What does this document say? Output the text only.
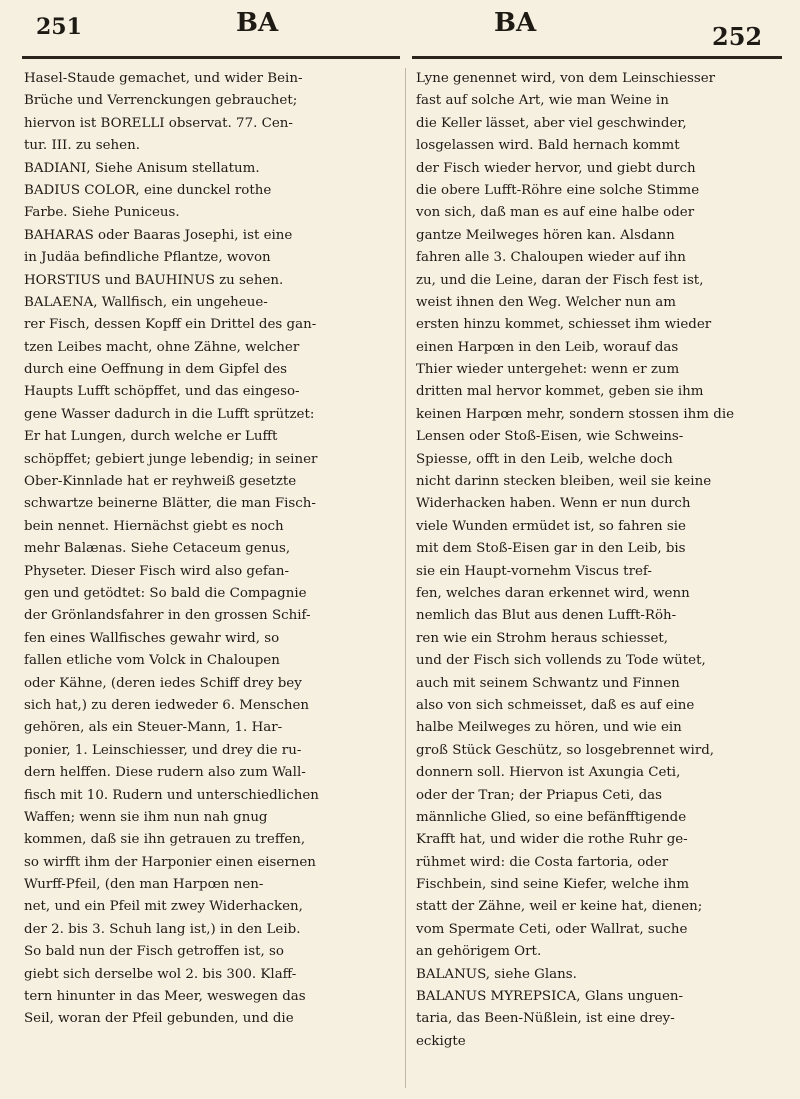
251	BA	BA	252
Hasel-Staude gemachet, und wider Bein-
Brüche und Verrenckungen gebrauchet;
hiervon ist BORELLI observat. 77. Cen-
tur. III. zu sehen.
BADIANI, Siehe Anisum stellatum.
BADIUS COLOR, eine dunckel rothe
Farbe. Siehe Puniceus.
BAHARAS oder Baaras Josephi, ist eine
in Judäa befindliche Pflantze, wovon
HORSTIUS und BAUHINUS zu sehen.
BALAENA, Wallfisch, ein ungeheue-
rer Fisch, dessen Kopff ein Drittel des gan-
tzen Leibes macht, ohne Zähne, welcher
durch eine Oeffnung in dem Gipfel des
Haupts Lufft schöpffet, und das eingeso-
gene Wasser dadurch in die Lufft sprützet:
Er hat Lungen, durch welche er Lufft
schöpffet; gebiert junge lebendig; in seiner
Ober-Kinnlade hat er reyhweiß gesetzte
schwartze beinerne Blätter, die man Fisch-
bein nennet. Hiernächst giebt es noch
mehr Balænas. Siehe Cetaceum genus,
Physeter. Dieser Fisch wird also gefan-
gen und getödtet: So bald die Compagnie
der Grönlandsfahrer in den grossen Schif-
fen eines Wallfisches gewahr wird, so
fallen etliche vom Volck in Chaloupen
oder Kähne, (deren iedes Schiff drey bey
sich hat,) zu deren iedweder 6. Menschen
gehören, als ein Steuer-Mann, 1. Har-
ponier, 1. Leinschiesser, und drey die ru-
dern helffen. Diese rudern also zum Wall-
fisch mit 10. Rudern und unterschiedlichen
Waffen; wenn sie ihm nun nah gnug
kommen, daß sie ihn getrauen zu treffen,
so wirfft ihm der Harponier einen eisernen
Wurff-Pfeil, (den man Harpœn nen-
net, und ein Pfeil mit zwey Widerhacken,
der 2. bis 3. Schuh lang ist,) in den Leib.
So bald nun der Fisch getroffen ist, so
giebt sich derselbe wol 2. bis 300. Klaff-
tern hinunter in das Meer, weswegen das
Seil, woran der Pfeil gebunden, und die
Lyne genennet wird, von dem Leinschiesser
fast auf solche Art, wie man Weine in
die Keller lässet, aber viel geschwinder,
losgelassen wird. Bald hernach kommt
der Fisch wieder hervor, und giebt durch
die obere Lufft-Röhre eine solche Stimme
von sich, daß man es auf eine halbe oder
gantze Meilweges hören kan. Alsdann
fahren alle 3. Chaloupen wieder auf ihn
zu, und die Leine, daran der Fisch fest ist,
weist ihnen den Weg. Welcher nun am
ersten hinzu kommet, schiesset ihm wieder
einen Harpœn in den Leib, worauf das
Thier wieder untergehet: wenn er zum
dritten mal hervor kommet, geben sie ihm
keinen Harpœn mehr, sondern stossen ihm die
Lensen oder Stoß-Eisen, wie Schweins-
Spiesse, offt in den Leib, welche doch
nicht darinn stecken bleiben, weil sie keine
Widerhacken haben. Wenn er nun durch
viele Wunden ermüdet ist, so fahren sie
mit dem Stoß-Eisen gar in den Leib, bis
sie ein Haupt-vornehm Viscus tref-
fen, welches daran erkennet wird, wenn
nemlich das Blut aus denen Lufft-Röh-
ren wie ein Strohm heraus schiesset,
und der Fisch sich vollends zu Tode wütet,
auch mit seinem Schwantz und Finnen
also von sich schmeisset, daß es auf eine
halbe Meilweges zu hören, und wie ein
groß Stück Geschütz, so losgebrennet wird,
donnern soll. Hiervon ist Axungia Ceti,
oder der Tran; der Priapus Ceti, das
männliche Glied, so eine befänfftigende
Krafft hat, und wider die rothe Ruhr ge-
rühmet wird: die Costa fartoria, oder
Fischbein, sind seine Kiefer, welche ihm
statt der Zähne, weil er keine hat, dienen;
vom Spermate Ceti, oder Wallrat, suche
an gehörigem Ort.
BALANUS, siehe Glans.
BALANUS MYREPSICA, Glans unguen-
taria, das Been-Nüßlein, ist eine drey-
eckigte
